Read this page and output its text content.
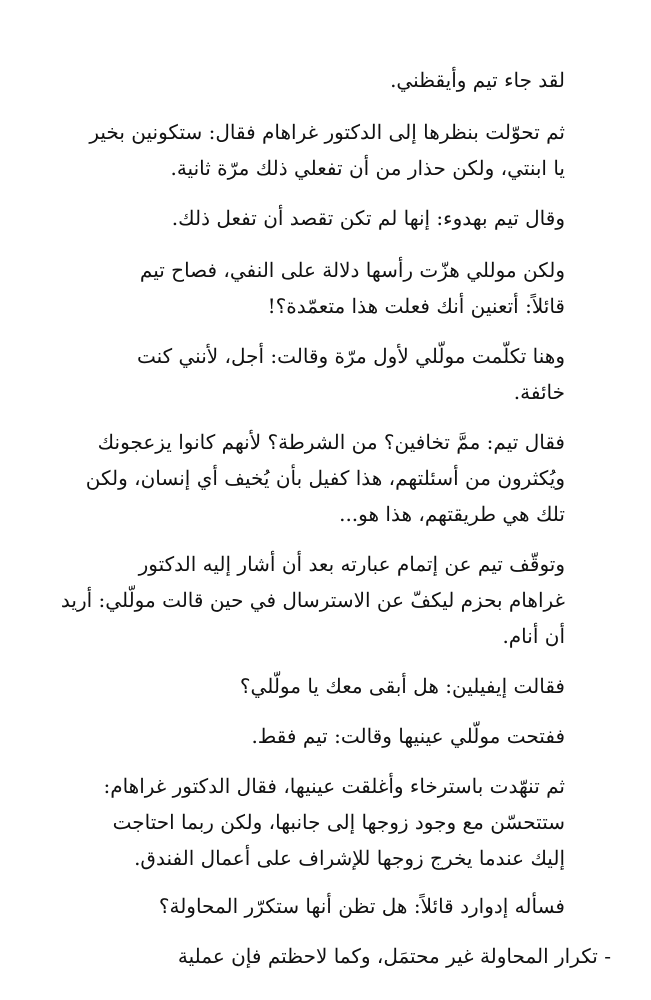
لقد جاء تيم وأيقظني.

ثم تحوّلت بنظرها إلى الدكتور غراهام فقال: ستكونين بخير
يا ابنتي، ولكن حذار من أن تفعلي ذلك مرّة ثانية.

وقال تيم بهدوء: إنها لم تكن تقصد أن تفعل ذلك.

ولكن موللي هزّت رأسها دلالة على النفي، فصاح تيم
قائلاً: أتعنين أنك فعلت هذا متعمّدة؟!

وهنا تكلّمت مولّلي لأول مرّة وقالت: أجل، لأنني كنت
خائفة.

فقال تيم: ممَّ تخافين؟ من الشرطة؟ لأنهم كانوا يزعجونك
ويُكثرون من أسئلتهم، هذا كفيل بأن يُخيف أي إنسان، ولكن
تلك هي طريقتهم، هذا هو...

وتوقّف تيم عن إتمام عبارته بعد أن أشار إليه الدكتور
غراهام بحزم ليكفّ عن الاسترسال في حين قالت مولّلي: أريد
أن أنام.

فقالت إيفيلين: هل أبقى معك يا مولّلي؟

ففتحت مولّلي عينيها وقالت: تيم فقط.

ثم تنهّدت باسترخاء وأغلقت عينيها، فقال الدكتور غراهام:
ستتحسّن مع وجود زوجها إلى جانبها، ولكن ربما احتاجت
إليك عندما يخرج زوجها للإشراف على أعمال الفندق.

فسأله إدوارد قائلاً: هل تظن أنها ستكرّر المحاولة؟

- تكرار المحاولة غير محتمَل، وكما لاحظتم فإن عملية
